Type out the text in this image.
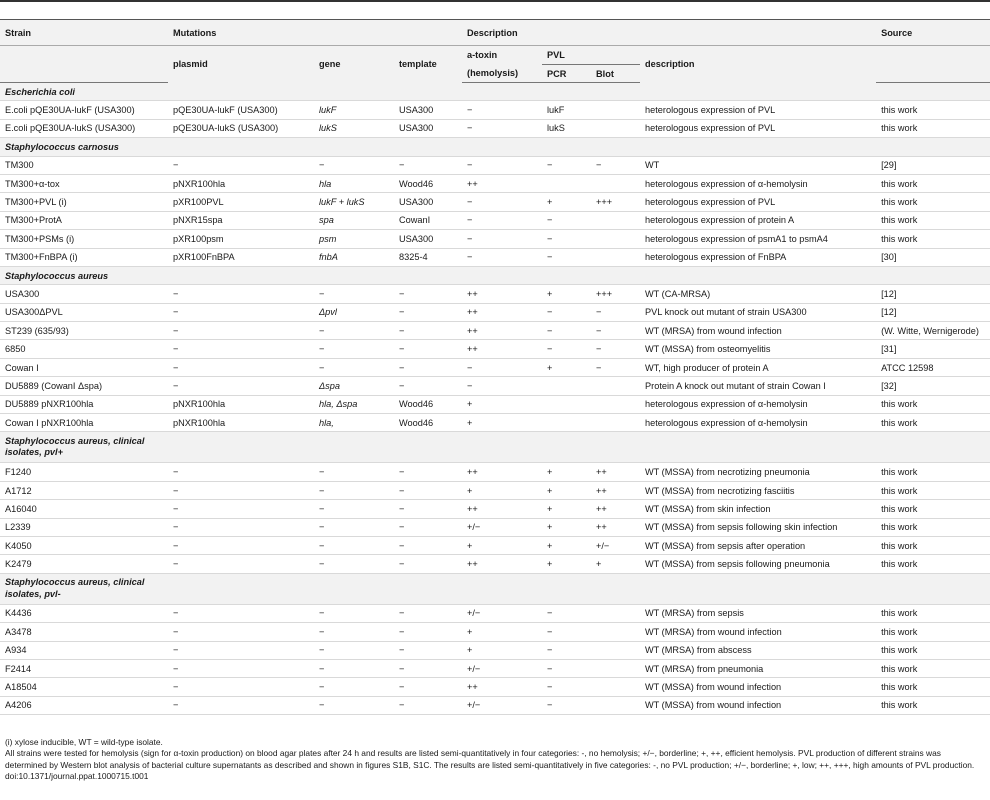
Strain	Mutations			Description				Source
	plasmid	gene	template	a-toxin	PVL		description	
				(hemolysis)	PCR	Blot		
Escherichia coli								
E.coli pQE30UA-lukF (USA300)	pQE30UA-lukF (USA300)	lukF	USA300	−	lukF		heterologous expression of PVL	this work
E.coli pQE30UA-lukS (USA300)	pQE30UA-lukS (USA300)	lukS	USA300	−	lukS		heterologous expression of PVL	this work
Staphylococcus carnosus								
TM300	−	−	−	−	−	−	WT	[29]
TM300+α-tox	pNXR100hla	hla	Wood46	++			heterologous expression of α-hemolysin	this work
TM300+PVL (i)	pXR100PVL	lukF + lukS	USA300	−	+	+++	heterologous expression of PVL	this work
TM300+ProtA	pNXR15spa	spa	CowanI	−	−		heterologous expression of protein A	this work
TM300+PSMs (i)	pXR100psm	psm	USA300	−	−		heterologous expression of psmA1 to psmA4	this work
TM300+FnBPA (i)	pXR100FnBPA	fnbA	8325-4	−	−		heterologous expression of FnBPA	[30]
Staphylococcus aureus								
USA300	−	−	−	++	+	+++	WT (CA-MRSA)	[12]
USA300ΔPVL	−	Δpvl	−	++	−	−	PVL knock out mutant of strain USA300	[12]
ST239 (635/93)	−	−	−	++	−	−	WT (MRSA) from wound infection	(W. Witte, Wernigerode)
6850	−	−	−	++	−	−	WT (MSSA) from osteomyelitis	[31]
Cowan I	−	−	−	−	+	−	WT, high producer of protein A	ATCC 12598
DU5889 (CowanI Δspa)	−	Δspa	−	−			Protein A knock out mutant of strain Cowan I	[32]
DU5889 pNXR100hla	pNXR100hla	hla, Δspa	Wood46	+			heterologous expression of α-hemolysin	this work
Cowan I pNXR100hla	pNXR100hla	hla,	Wood46	+			heterologous expression of α-hemolysin	this work
Staphylococcus aureus, clinical isolates, pvl+								
F1240	−	−	−	++	+	++	WT (MSSA) from necrotizing pneumonia	this work
A1712	−	−	−	+	+	++	WT (MSSA) from necrotizing fasciitis	this work
A16040	−	−	−	++	+	++	WT (MSSA) from skin infection	this work
L2339	−	−	−	+/−	+	++	WT (MSSA) from sepsis following skin infection	this work
K4050	−	−	−	+	+	+/−	WT (MSSA) from sepsis after operation	this work
K2479	−	−	−	++	+	+	WT (MSSA) from sepsis following pneumonia	this work
Staphylococcus aureus, clinical isolates, pvl-								
K4436	−	−	−	+/−	−		WT (MRSA) from sepsis	this work
A3478	−	−	−	+	−		WT (MRSA) from wound infection	this work
A934	−	−	−	+	−		WT (MRSA) from abscess	this work
F2414	−	−	−	+/−	−		WT (MRSA) from pneumonia	this work
A18504	−	−	−	++	−		WT (MSSA) from wound infection	this work
A4206	−	−	−	+/−	−		WT (MSSA) from wound infection	this work

(i) xylose inducible, WT = wild-type isolate.

All strains were tested for hemolysis (sign for α-toxin production) on blood agar plates after 24 h and results are listed semi-quantitatively in four categories: -, no hemolysis; +/−, borderline; +, ++, efficient hemolysis. PVL production of different strains was determined by Western blot analysis of bacterial culture supernatants as described and shown in figures S1B, S1C. The results are listed semi-quantitatively in five categories: -, no PVL production; +/−, borderline; +, low; ++, +++, high amounts of PVL production.

doi:10.1371/journal.ppat.1000715.t001
